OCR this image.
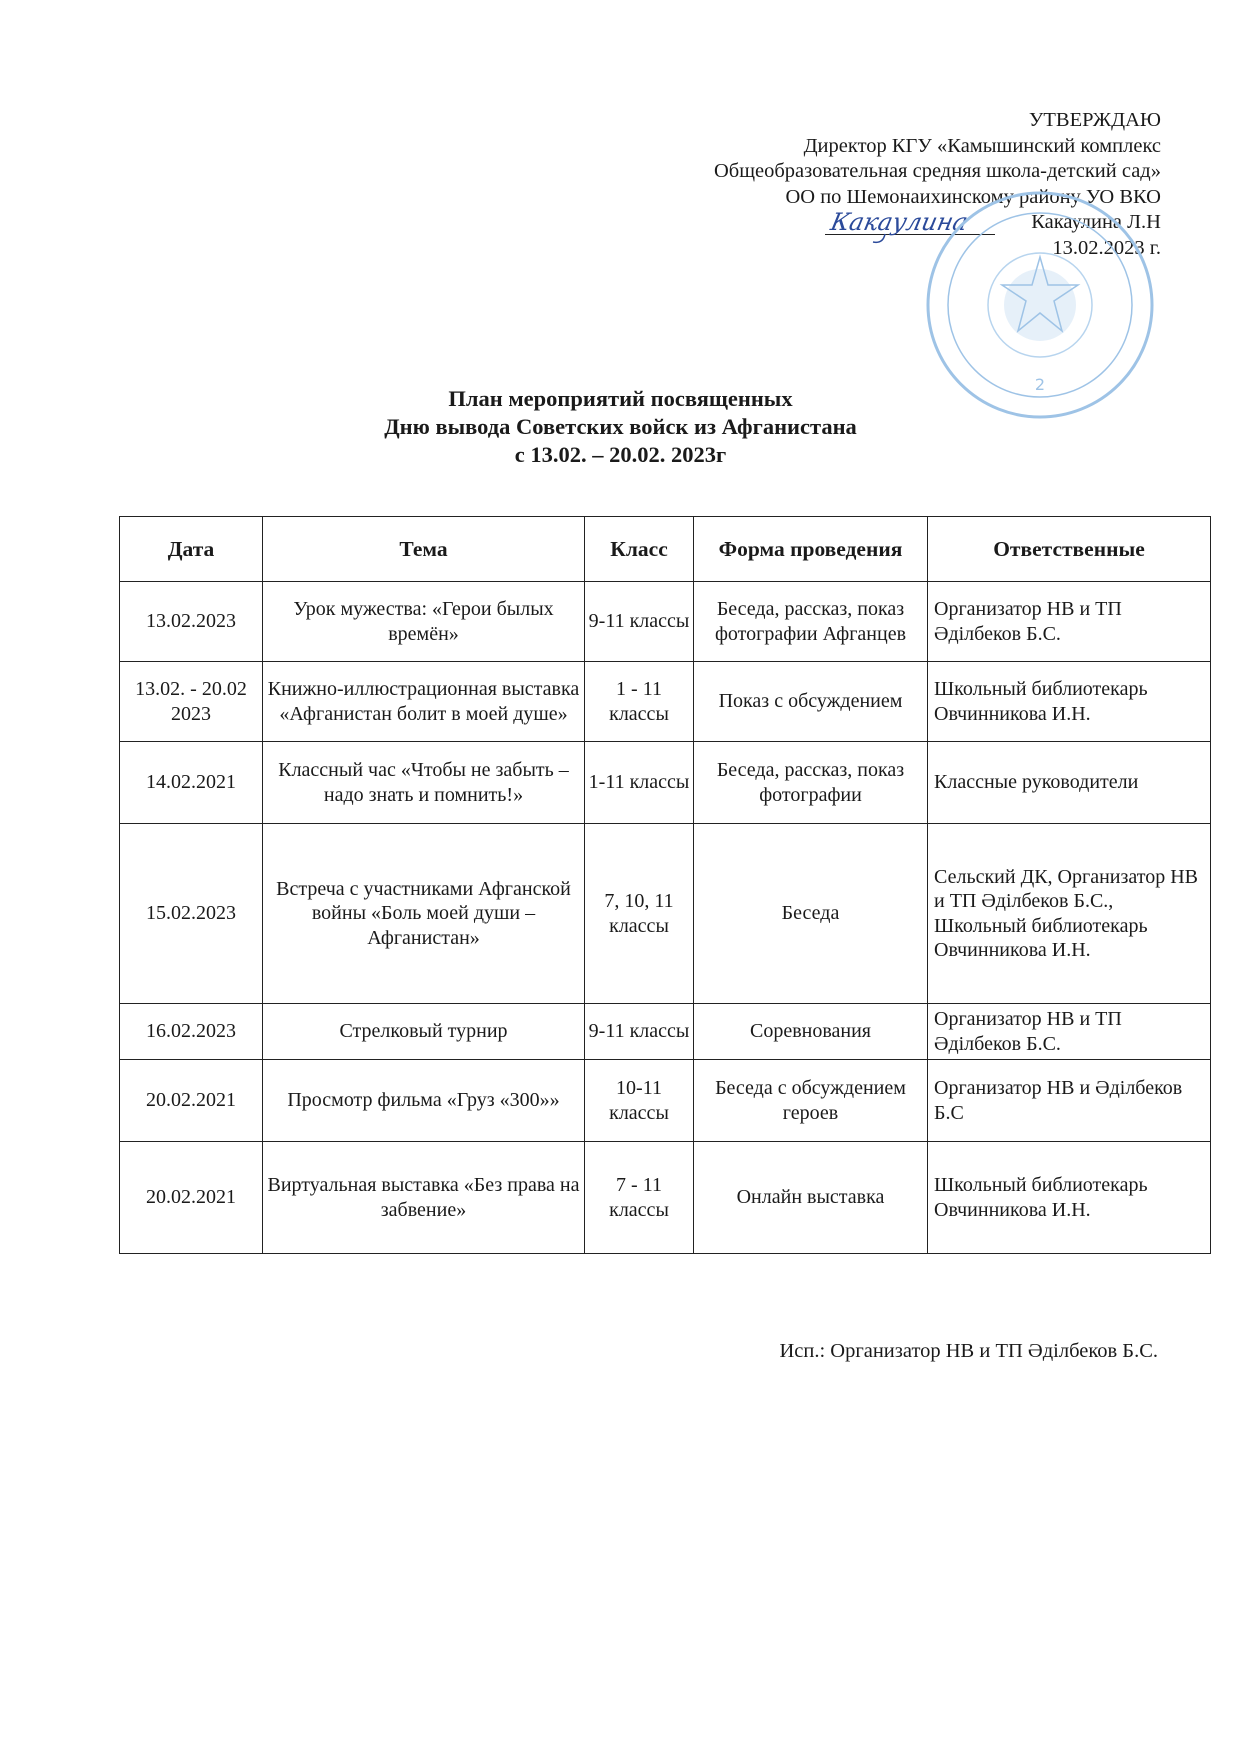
УТВЕРЖДАЮ
Директор КГУ «Камышинский комплекс
Общеобразовательная средняя школа-детский сад»
ОО по Шемонаихинскому району УО ВКО
Какаулина	Какаулина Л.Н
13.02.2023 г.
2
План мероприятий посвященных
Дню вывода Советских войск из Афганистана
с 13.02. – 20.02. 2023г
Дата	Тема	Класс	Форма проведения	Ответственные
13.02.2023	Урок мужества: «Герои былых времён»	9-11 классы	Беседа, рассказ, показ фотографии Афганцев	Организатор НВ и ТП Әділбеков Б.С.
13.02. - 20.02 2023	Книжно-иллюстрационная выставка «Афганистан болит в моей душе»	1 - 11 классы	Показ с обсуждением	Школьный библиотекарь Овчинникова И.Н.
14.02.2021	Классный час «Чтобы не забыть – надо знать и помнить!»	1-11 классы	Беседа, рассказ, показ фотографии	Классные руководители
15.02.2023	Встреча с участниками Афганской войны «Боль моей души – Афганистан»	7, 10, 11 классы	Беседа	Сельский ДК, Организатор НВ и ТП Әділбеков Б.С., Школьный библиотекарь Овчинникова И.Н.
16.02.2023	Стрелковый турнир	9-11 классы	Соревнования	Организатор НВ и ТП Әділбеков Б.С.
20.02.2021	Просмотр фильма «Груз «300»»	10-11 классы	Беседа с обсуждением героев	Организатор НВ и Әділбеков Б.С
20.02.2021	Виртуальная выставка «Без права на забвение»	7 - 11 классы	Онлайн выставка	Школьный библиотекарь Овчинникова И.Н.
Исп.: Организатор НВ и ТП Әділбеков Б.С.
